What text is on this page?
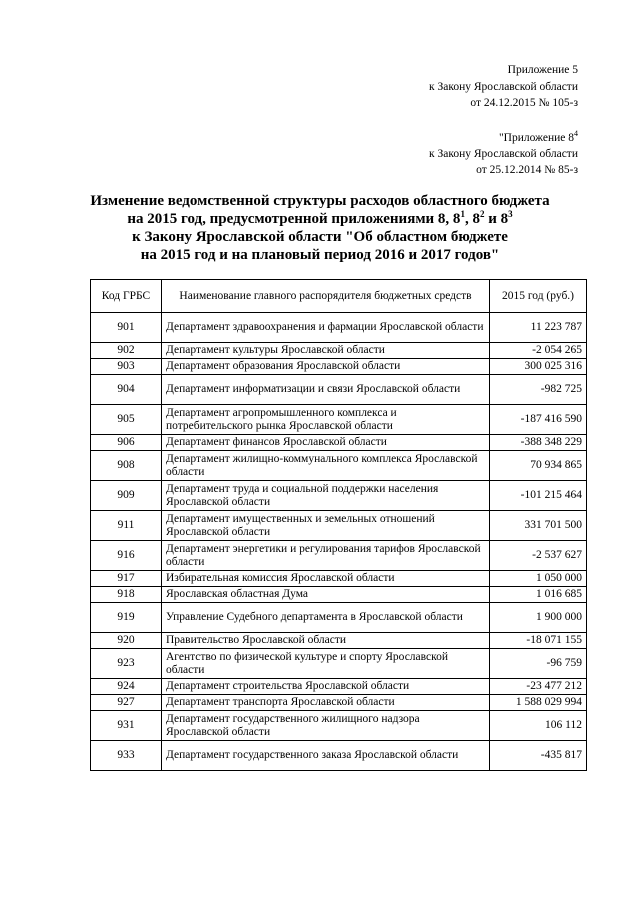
Приложение 5
к Закону Ярославской области
от 24.12.2015 № 105-з
"Приложение $8^4$
к Закону Ярославской области
от 25.12.2014 № 85-з
Изменение ведомственной структуры расходов областного бюджета
на 2015 год, предусмотренной приложениями 8, $8^1$, $8^2$ и $8^3$
к Закону Ярославской области "Об областном бюджете
на 2015 год и на плановый период 2016 и 2017 годов"
Код ГРБС	Наименование главного распорядителя бюджетных средств	2015 год (руб.)
901	Департамент здравоохранения и фармации Ярославской области	11 223 787
902	Департамент культуры Ярославской области	-2 054 265
903	Департамент образования Ярославской области	300 025 316
904	Департамент информатизации и связи Ярославской области	-982 725
905	Департамент агропромышленного комплекса и потребительского рынка Ярославской области	-187 416 590
906	Департамент финансов Ярославской области	-388 348 229
908	Департамент жилищно-коммунального комплекса Ярославской области	70 934 865
909	Департамент труда и социальной поддержки населения Ярославской области	-101 215 464
911	Департамент имущественных и земельных отношений Ярославской области	331 701 500
916	Департамент энергетики и регулирования тарифов Ярославской области	-2 537 627
917	Избирательная комиссия Ярославской области	1 050 000
918	Ярославская областная Дума	1 016 685
919	Управление Судебного департамента в Ярославской области	1 900 000
920	Правительство Ярославской области	-18 071 155
923	Агентство по физической культуре и спорту Ярославской области	-96 759
924	Департамент строительства Ярославской области	-23 477 212
927	Департамент транспорта Ярославской области	1 588 029 994
931	Департамент государственного жилищного надзора Ярославской области	106 112
933	Департамент государственного заказа Ярославской области	-435 817
